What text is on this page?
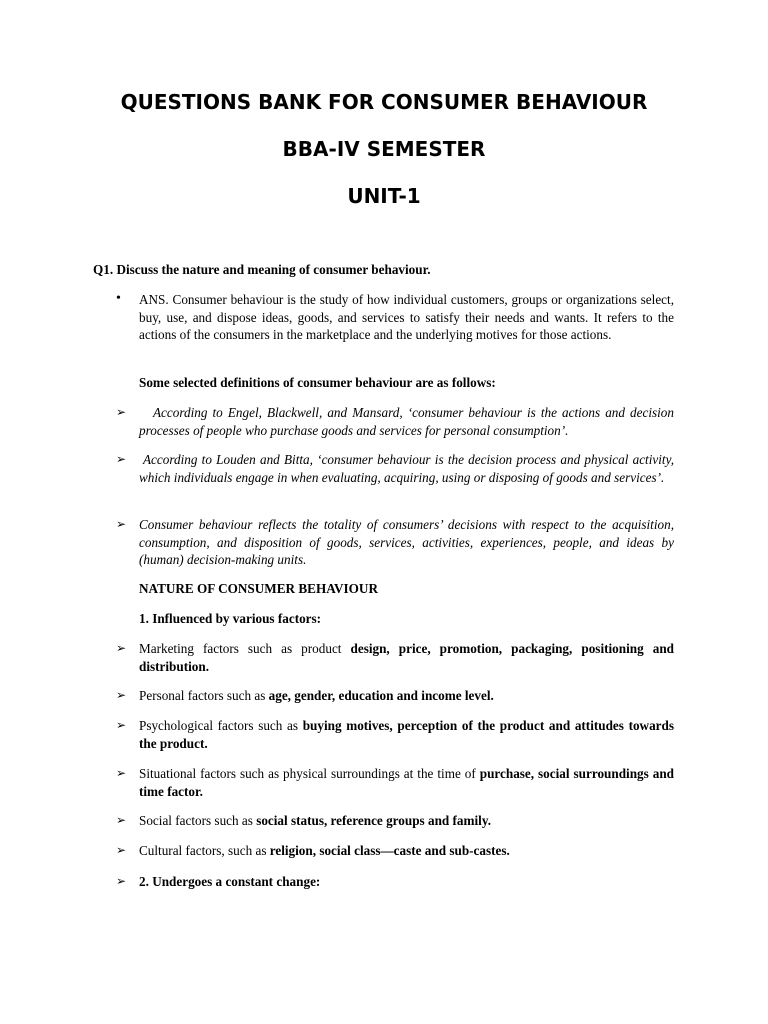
QUESTIONS BANK FOR CONSUMER BEHAVIOUR
BBA-IV SEMESTER
UNIT-1

Q1. Discuss the nature and meaning of consumer behaviour.

• ANS. Consumer behaviour is the study of how individual customers, groups or organizations select, buy, use, and dispose ideas, goods, and services to satisfy their needs and wants. It refers to the actions of the consumers in the marketplace and the underlying motives for those actions.

Some selected definitions of consumer behaviour are as follows:

➢	According to Engel, Blackwell, and Mansard, ‘consumer behaviour is the actions and decision processes of people who purchase goods and services for personal consumption’.

➢	According to Louden and Bitta, ‘consumer behaviour is the decision process and physical activity, which individuals engage in when evaluating, acquiring, using or disposing of goods and services’.

➢ Consumer behaviour reflects the totality of consumers’ decisions with respect to the acquisition, consumption, and disposition of goods, services, activities, experiences, people, and ideas by (human) decision-making units.

NATURE OF CONSUMER BEHAVIOUR

1. Influenced by various factors:

➢ Marketing factors such as product design, price, promotion, packaging, positioning and distribution.

➢ Personal factors such as age, gender, education and income level.

➢ Psychological factors such as buying motives, perception of the product and attitudes towards the product.

➢ Situational factors such as physical surroundings at the time of purchase, social surroundings and time factor.

➢ Social factors such as social status, reference groups and family.

➢ Cultural factors, such as religion, social class—caste and sub-castes.

➢ 2. Undergoes a constant change:
